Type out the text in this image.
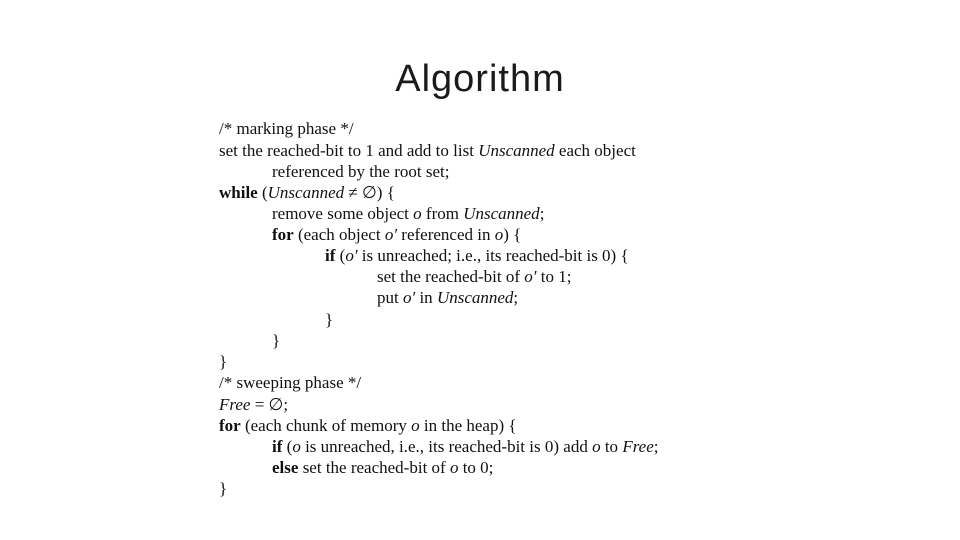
Algorithm
/* marking phase */
set the reached-bit to 1 and add to list Unscanned each object
referenced by the root set;
while (Unscanned ≠ ∅) {
remove some object o from Unscanned;
for (each object o′ referenced in o) {
if (o′ is unreached; i.e., its reached-bit is 0) {
set the reached-bit of o′ to 1;
put o′ in Unscanned;
}
}
}
/* sweeping phase */
Free = ∅;
for (each chunk of memory o in the heap) {
if (o is unreached, i.e., its reached-bit is 0) add o to Free;
else set the reached-bit of o to 0;
}
